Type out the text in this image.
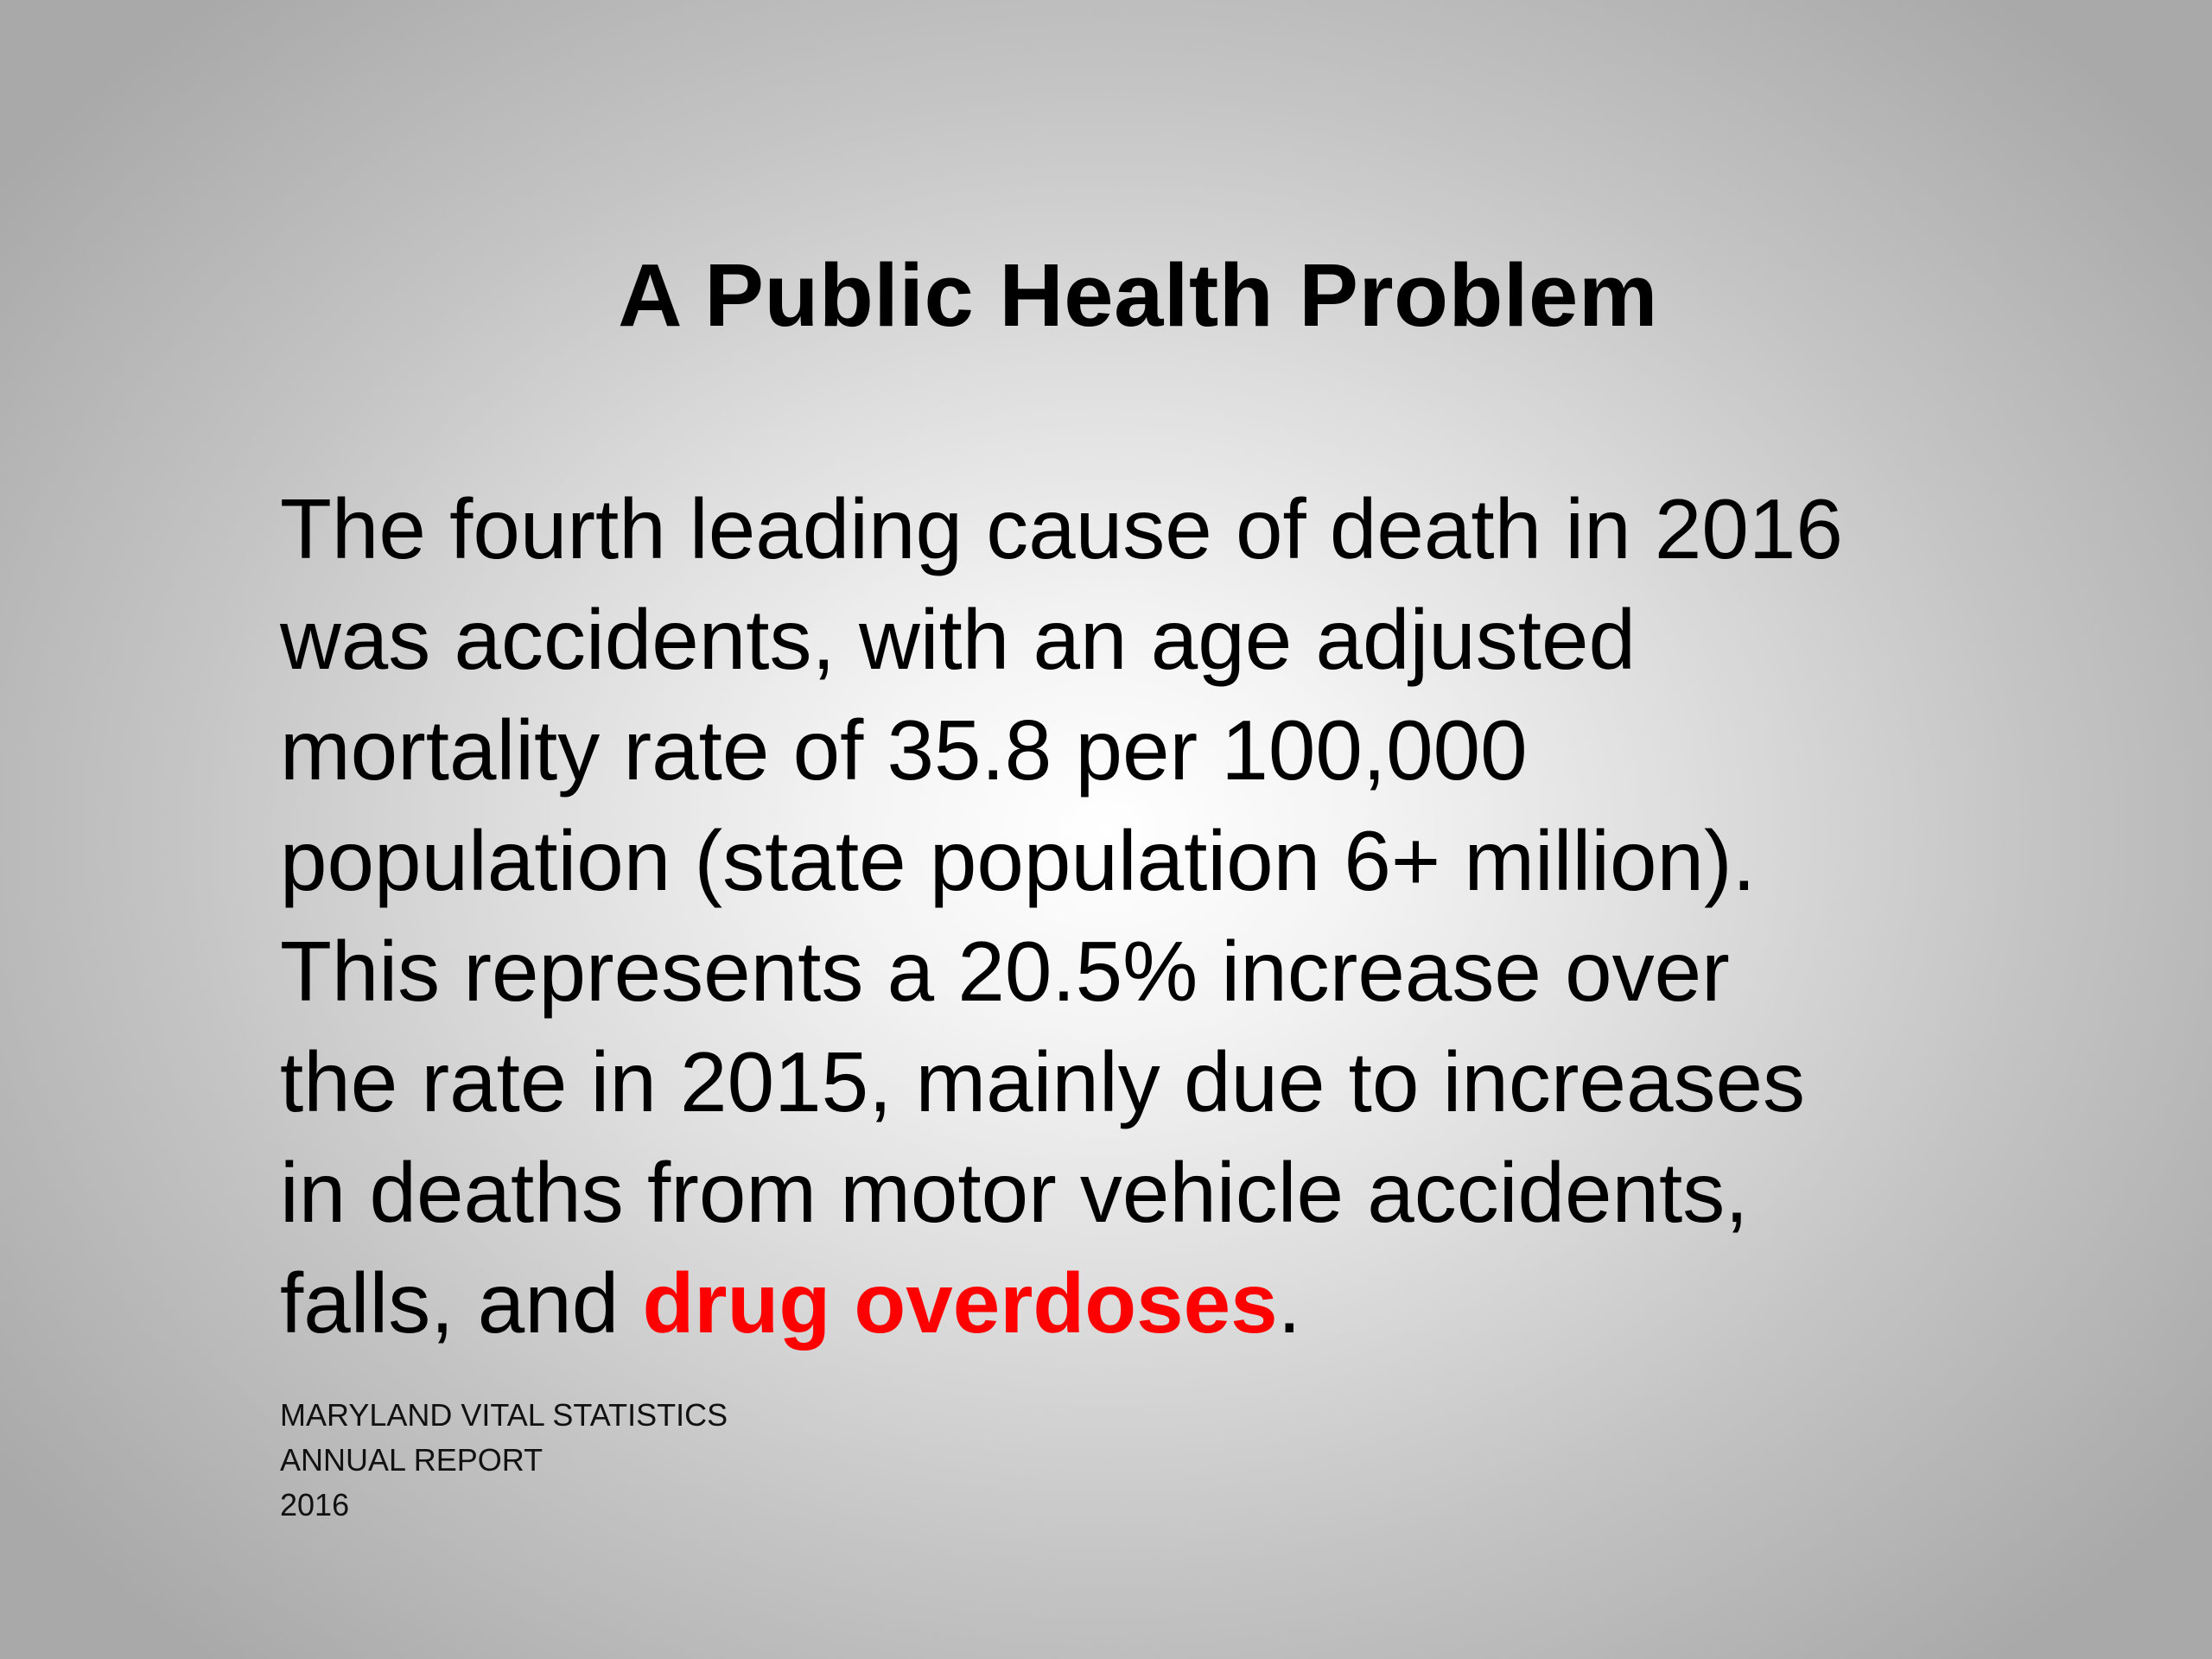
A Public Health Problem

The fourth leading cause of death in 2016
was accidents, with an age adjusted
mortality rate of 35.8 per 100,000
population (state population 6+ million).
This represents a 20.5% increase over
the rate in 2015, mainly due to increases
in deaths from motor vehicle accidents,
falls, and drug overdoses.

MARYLAND VITAL STATISTICS
ANNUAL REPORT
2016
